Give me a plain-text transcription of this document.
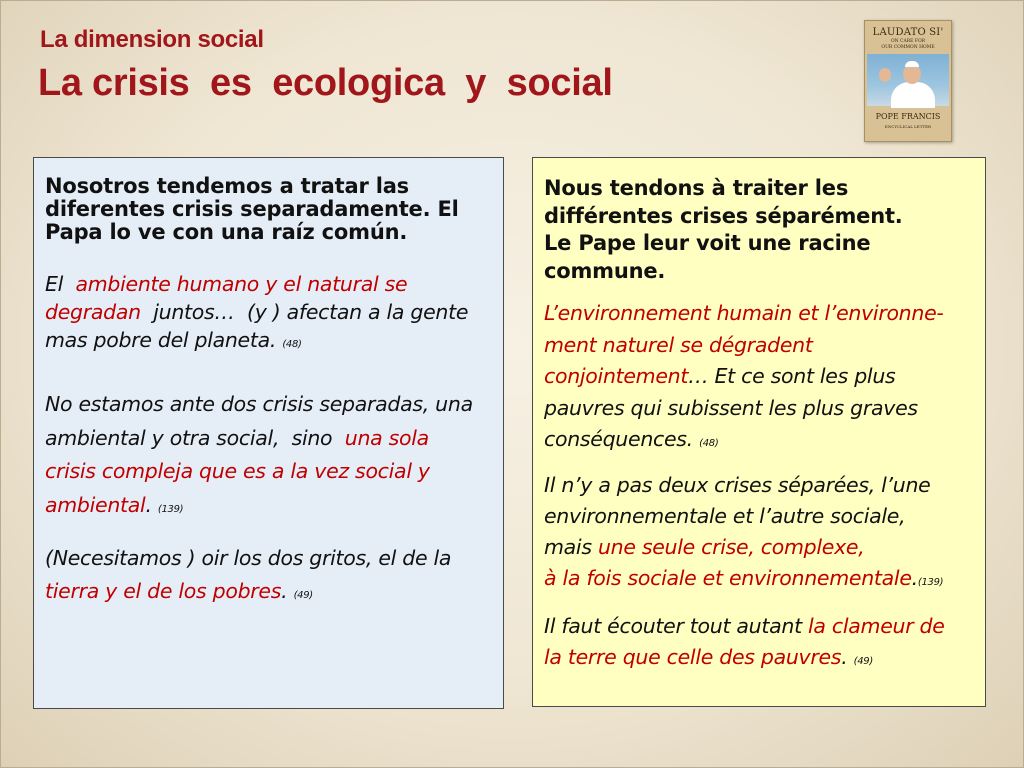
La dimension social
La crisis  es  ecologica  y  social
LAUDATO SI'
ON CARE FOR
OUR COMMON HOME
POPE FRANCIS
ENCYCLICAL LETTER
Nosotros tendemos a tratar las
diferentes crisis separadamente. El
Papa lo ve con una raíz común.
El  ambiente humano y el natural se
degradan  juntos…  (y ) afectan a la gente
mas pobre del planeta. (48)
No estamos ante dos crisis separadas, una
ambiental y otra social,  sino  una sola
crisis compleja que es a la vez social y
ambiental. (139)
(Necesitamos ) oir los dos gritos, el de la
tierra y el de los pobres. (49)
Nous tendons à traiter les
différentes crises séparément.
Le Pape leur voit une racine
commune.
L’environnement humain et l’environne-
ment naturel se dégradent
conjointement… Et ce sont les plus
pauvres qui subissent les plus graves
conséquences. (48)
Il n’y a pas deux crises séparées, l’une
environnementale et l’autre sociale,
mais une seule crise, complexe,
à la fois sociale et environnementale.(139)
Il faut écouter tout autant la clameur de
la terre que celle des pauvres. (49)
